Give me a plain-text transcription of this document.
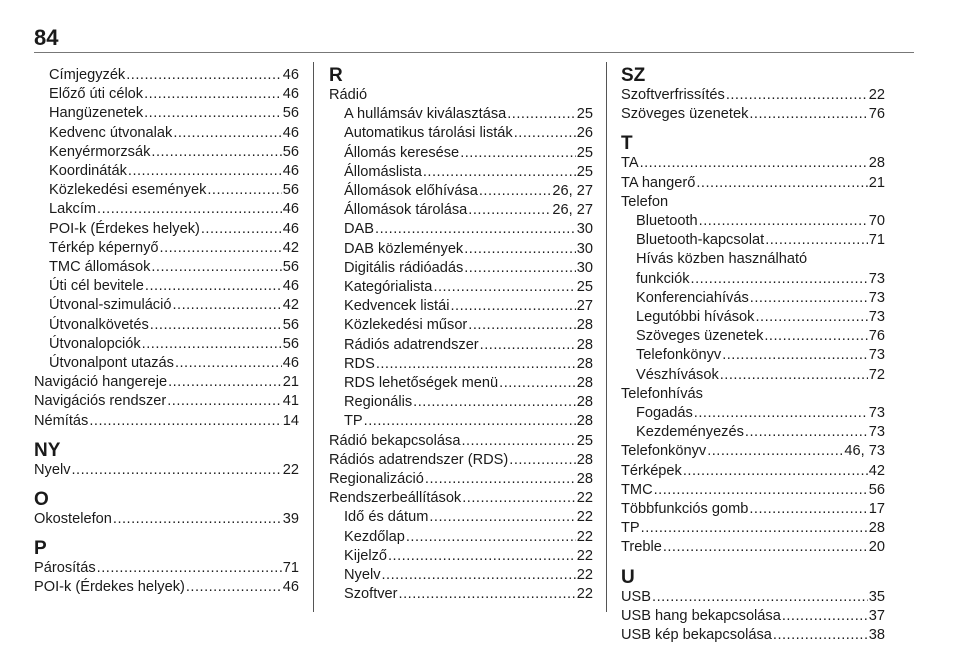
84
Címjegyzék .....	46
Előző úti célok .....	46
Hangüzenetek .....	56
Kedvenc útvonalak .....	46
Kenyérmorzsák .....	56
Koordináták .....	46
Közlekedési események .....	56
Lakcím .....	46
POI-k (Érdekes helyek) .....	46
Térkép képernyő .....	42
TMC állomások .....	56
Úti cél bevitele .....	46
Útvonal-szimuláció .....	42
Útvonalkövetés .....	56
Útvonalopciók .....	56
Útvonalpont utazás .....	46
Navigáció hangereje .....	21
Navigációs rendszer .....	41
Némítás .....	14
NY
Nyelv .....	22
O
Okostelefon .....	39
P
Párosítás .....	71
POI-k (Érdekes helyek) .....	46
R
Rádió
A hullámsáv kiválasztása .....	25
Automatikus tárolási listák .....	26
Állomás keresése .....	25
Állomáslista .....	25
Állomások előhívása .....	26, 27
Állomások tárolása .....	26, 27
DAB .....	30
DAB közlemények .....	30
Digitális rádióadás .....	30
Kategórialista .....	25
Kedvencek listái .....	27
Közlekedési műsor .....	28
Rádiós adatrendszer .....	28
RDS .....	28
RDS lehetőségek menü .....	28
Regionális .....	28
TP .....	28
Rádió bekapcsolása .....	25
Rádiós adatrendszer (RDS) .....	28
Regionalizáció .....	28
Rendszerbeállítások .....	22
Idő és dátum .....	22
Kezdőlap .....	22
Kijelző .....	22
Nyelv .....	22
Szoftver .....	22
SZ
Szoftverfrissítés .....	22
Szöveges üzenetek .....	76
T
TA .....	28
TA hangerő .....	21
Telefon
Bluetooth .....	70
Bluetooth-kapcsolat .....	71
Hívás közben használható
funkciók .....	73
Konferenciahívás .....	73
Legutóbbi hívások .....	73
Szöveges üzenetek .....	76
Telefonkönyv .....	73
Vészhívások .....	72
Telefonhívás
Fogadás .....	73
Kezdeményezés .....	73
Telefonkönyv .....	46, 73
Térképek .....	42
TMC .....	56
Többfunkciós gomb .....	17
TP .....	28
Treble .....	20
U
USB .....	35
USB hang bekapcsolása .....	37
USB kép bekapcsolása .....	38
